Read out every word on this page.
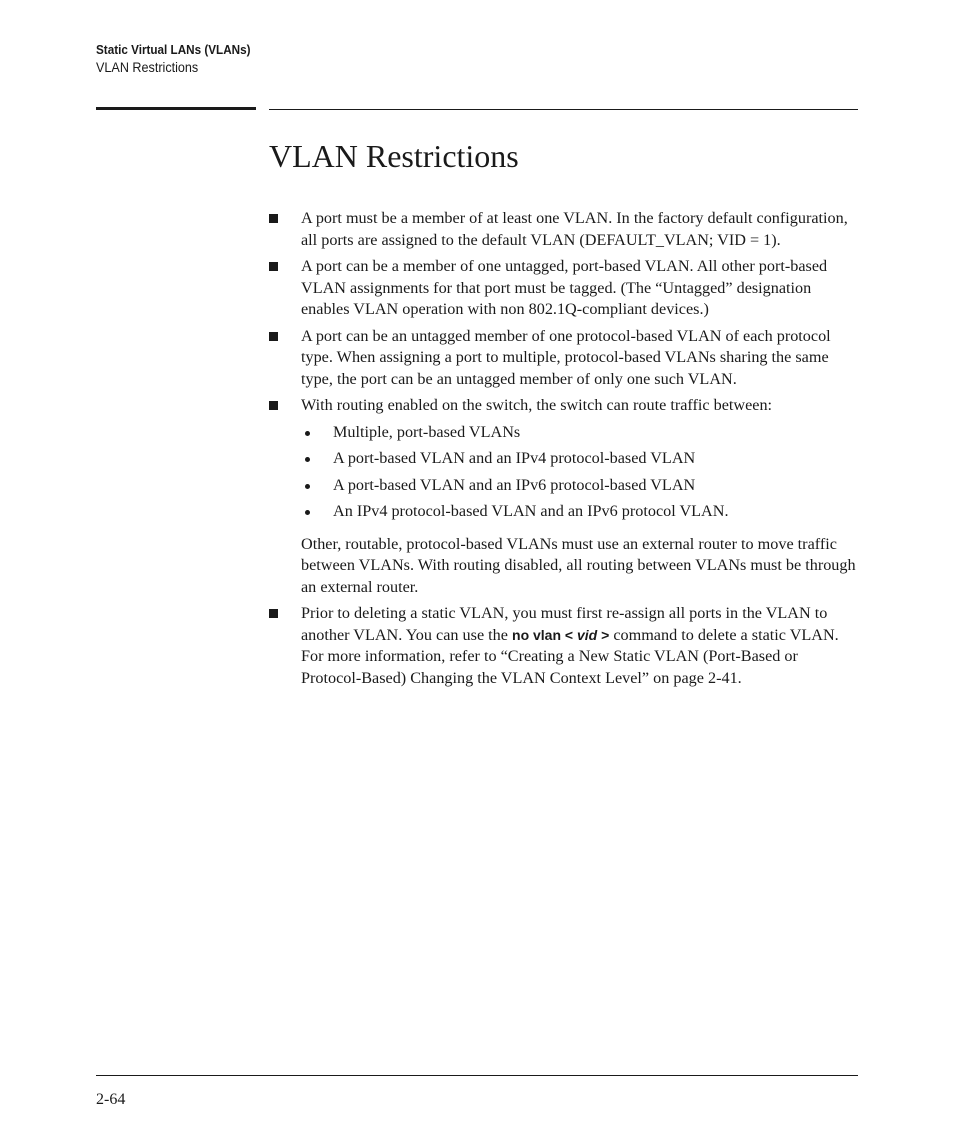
Static Virtual LANs (VLANs)
VLAN Restrictions
VLAN Restrictions
A port must be a member of at least one VLAN. In the factory default configuration, all ports are assigned to the default VLAN (DEFAULT_VLAN; VID = 1).
A port can be a member of one untagged, port-based VLAN. All other port-based VLAN assignments for that port must be tagged. (The “Untagged” designation enables VLAN operation with non 802.1Q-compliant devices.)
A port can be an untagged member of one protocol-based VLAN of each protocol type. When assigning a port to multiple, protocol-based VLANs sharing the same type, the port can be an untagged member of only one such VLAN.
With routing enabled on the switch, the switch can route traffic between:
Multiple, port-based VLANs
A port-based VLAN and an IPv4 protocol-based VLAN
A port-based VLAN and an IPv6 protocol-based VLAN
An IPv4 protocol-based VLAN and an IPv6 protocol VLAN.

Other, routable, protocol-based VLANs must use an external router to move traffic between VLANs. With routing disabled, all routing between VLANs must be through an external router.

Prior to deleting a static VLAN, you must first re-assign all ports in the VLAN to another VLAN. You can use the no vlan < vid > command to delete a static VLAN. For more information, refer to “Creating a New Static VLAN (Port-Based or Protocol-Based) Changing the VLAN Context Level” on page 2-41.
2-64
